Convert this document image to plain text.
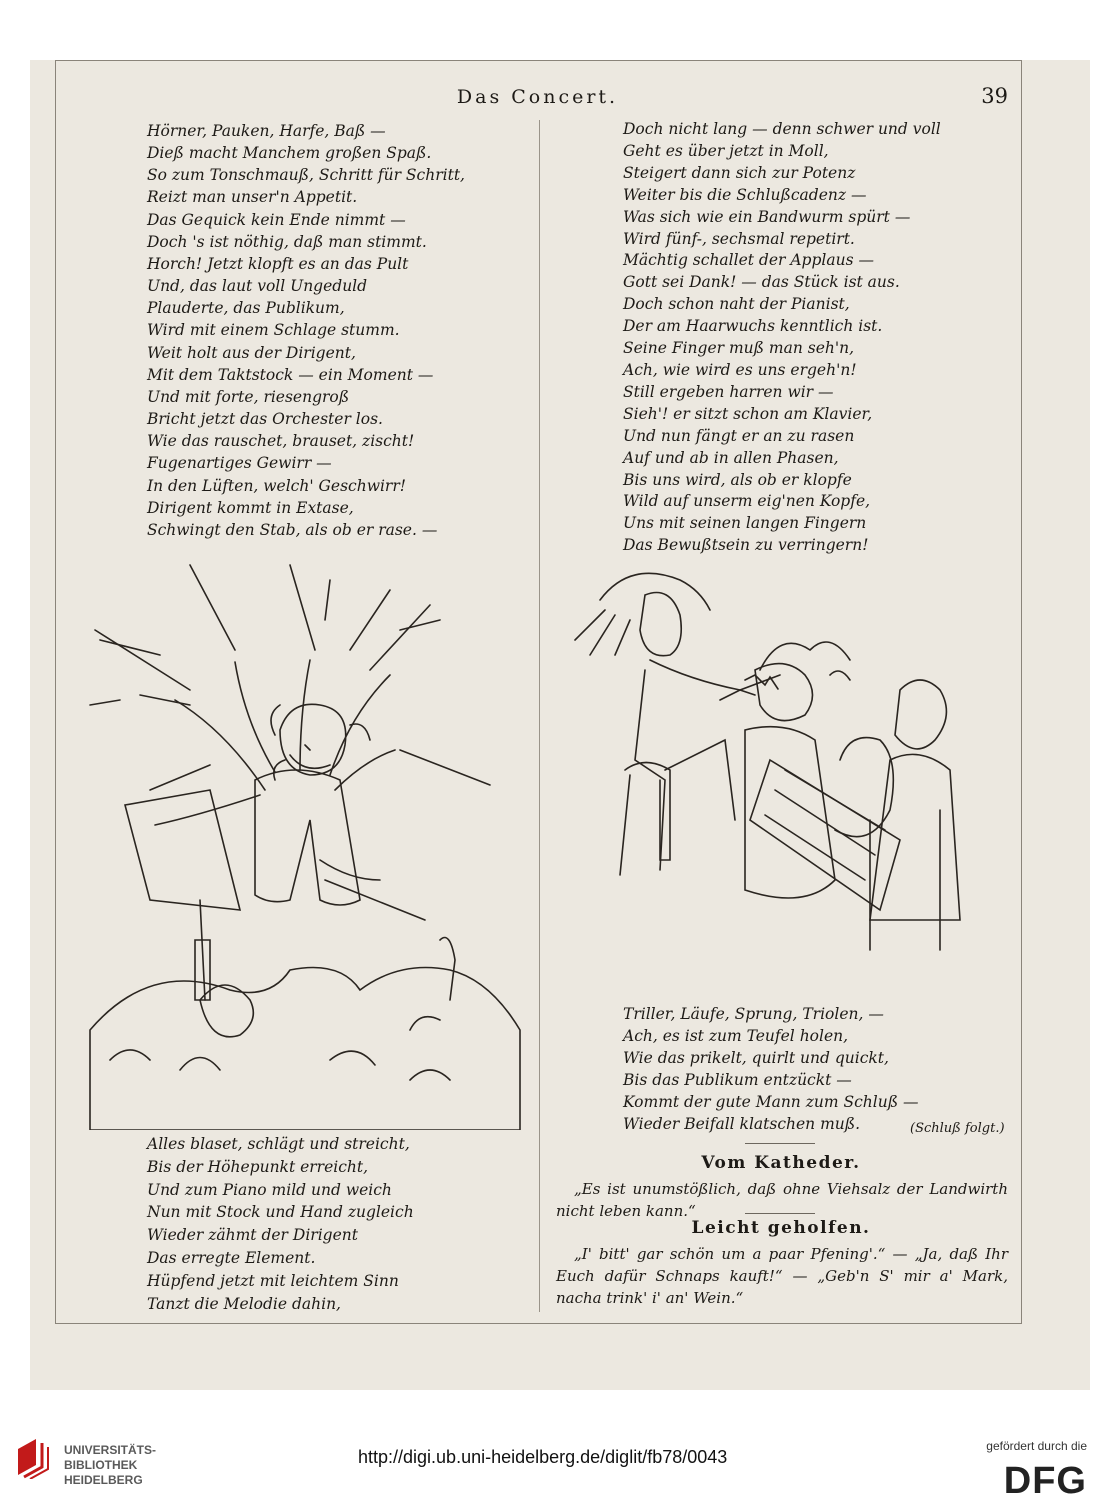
Das Concert.	39
Hörner, Pauken, Harfe, Baß —
Dieß macht Manchem großen Spaß.
So zum Tonschmauß, Schritt für Schritt,
Reizt man unser'n Appetit.
Das Gequick kein Ende nimmt —
Doch 's ist nöthig, daß man stimmt.
Horch! Jetzt klopft es an das Pult
Und, das laut voll Ungeduld
Plauderte, das Publikum,
Wird mit einem Schlage stumm.
Weit holt aus der Dirigent,
Mit dem Taktstock — ein Moment —
Und mit forte, riesengroß
Bricht jetzt das Orchester los.
Wie das rauschet, brauset, zischt!
Fugenartiges Gewirr —
In den Lüften, welch' Geschwirr!
Dirigent kommt in Extase,
Schwingt den Stab, als ob er rase. —
Doch nicht lang — denn schwer und voll
Geht es über jetzt in Moll,
Steigert dann sich zur Potenz
Weiter bis die Schlußcadenz —
Was sich wie ein Bandwurm spürt —
Wird fünf-, sechsmal repetirt.
Mächtig schallet der Applaus —
Gott sei Dank! — das Stück ist aus.
Doch schon naht der Pianist,
Der am Haarwuchs kenntlich ist.
Seine Finger muß man seh'n,
Ach, wie wird es uns ergeh'n!
Still ergeben harren wir —
Sieh'! er sitzt schon am Klavier,
Und nun fängt er an zu rasen
Auf und ab in allen Phasen,
Bis uns wird, als ob er klopfe
Wild auf unserm eig'nen Kopfe,
Uns mit seinen langen Fingern
Das Bewußtsein zu verringern!
Alles blaset, schlägt und streicht,
Bis der Höhepunkt erreicht,
Und zum Piano mild und weich
Nun mit Stock und Hand zugleich
Wieder zähmt der Dirigent
Das erregte Element.
Hüpfend jetzt mit leichtem Sinn
Tanzt die Melodie dahin,
Triller, Läufe, Sprung, Triolen, —
Ach, es ist zum Teufel holen,
Wie das prikelt, quirlt und quickt,
Bis das Publikum entzückt —
Kommt der gute Mann zum Schluß —
Wieder Beifall klatschen muß.	(Schluß folgt.)
Vom Katheder.

„Es ist unumstößlich, daß ohne Viehsalz der Landwirth nicht leben kann.“

Leicht geholfen.

„I' bitt' gar schön um a paar Pfening'.“ — „Ja, daß Ihr Euch dafür Schnaps kauft!“ — „Geb'n S' mir a' Mark, nacha trink' i' an' Wein.“

UNIVERSITÄTS-
BIBLIOTHEK
HEIDELBERG
http://digi.ub.uni-heidelberg.de/diglit/fb78/0043
gefördert durch die
DFG
